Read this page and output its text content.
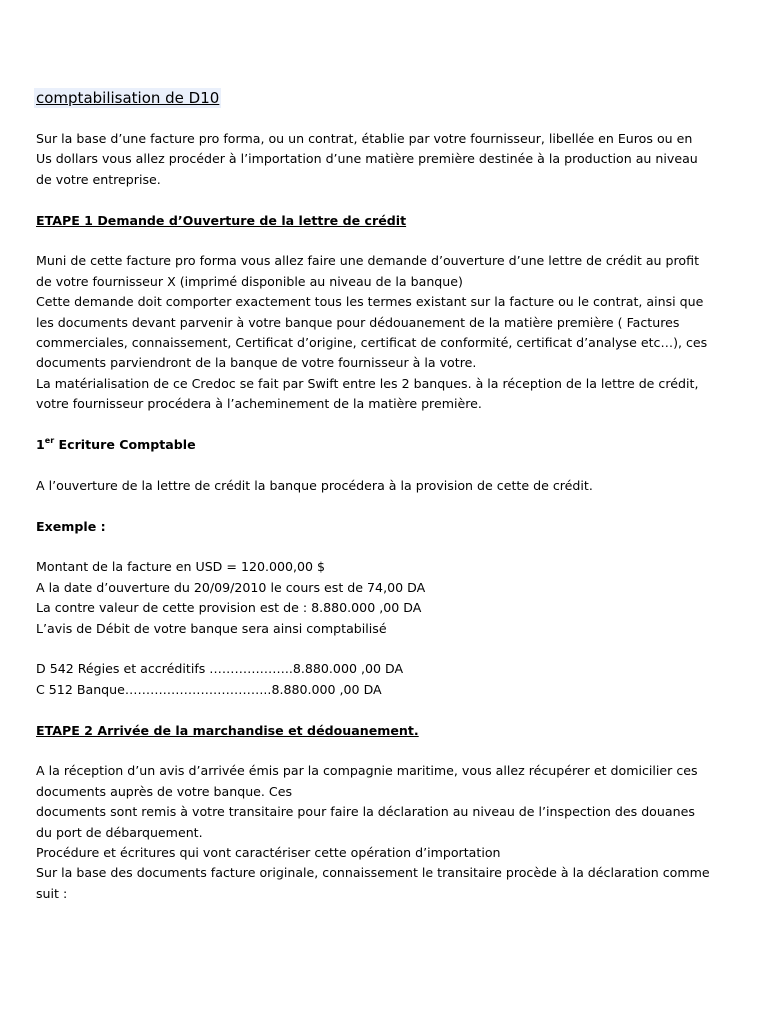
comptabilisation de D10

Sur la base d’une facture pro forma, ou un contrat, établie par votre fournisseur, libellée en Euros ou en

Us dollars vous allez procéder à l’importation d’une matière première destinée à la production au niveau

de votre entreprise.

ETAPE 1 Demande d’Ouverture de la lettre de crédit

Muni de cette facture pro forma vous allez faire une demande d’ouverture d’une lettre de crédit au profit

de votre fournisseur X (imprimé disponible au niveau de la banque)

Cette demande doit comporter exactement tous les termes existant sur la facture ou le contrat, ainsi que

les documents devant parvenir à votre banque pour dédouanement de la matière première ( Factures

commerciales, connaissement, Certificat d’origine, certificat de conformité, certificat d’analyse etc…), ces

documents parviendront de la banque de votre fournisseur à la votre.

La matérialisation de ce Credoc se fait par Swift entre les 2 banques. à la réception de la lettre de crédit,

votre fournisseur procédera à l’acheminement de la matière première.

1er Ecriture Comptable

A l’ouverture de la lettre de crédit la banque procédera à la provision de cette de crédit.

Exemple :

Montant de la facture en USD = 120.000,00 $

A la date d’ouverture du 20/09/2010 le cours est de 74,00 DA

La contre valeur de cette provision est de : 8.880.000 ,00 DA

L’avis de Débit de votre banque sera ainsi comptabilisé

D 542 Régies et accréditifs ………………..8.880.000 ,00 DA

C 512 Banque……………………………..8.880.000 ,00 DA

ETAPE 2 Arrivée de la marchandise et dédouanement.

A la réception d’un avis d’arrivée émis par la compagnie maritime, vous allez récupérer et domicilier ces

documents auprès de votre banque. Ces

documents sont remis à votre transitaire pour faire la déclaration au niveau de l’inspection des douanes

du port de débarquement.

Procédure et écritures qui vont caractériser cette opération d’importation

Sur la base des documents facture originale, connaissement le transitaire procède à la déclaration comme

suit :
